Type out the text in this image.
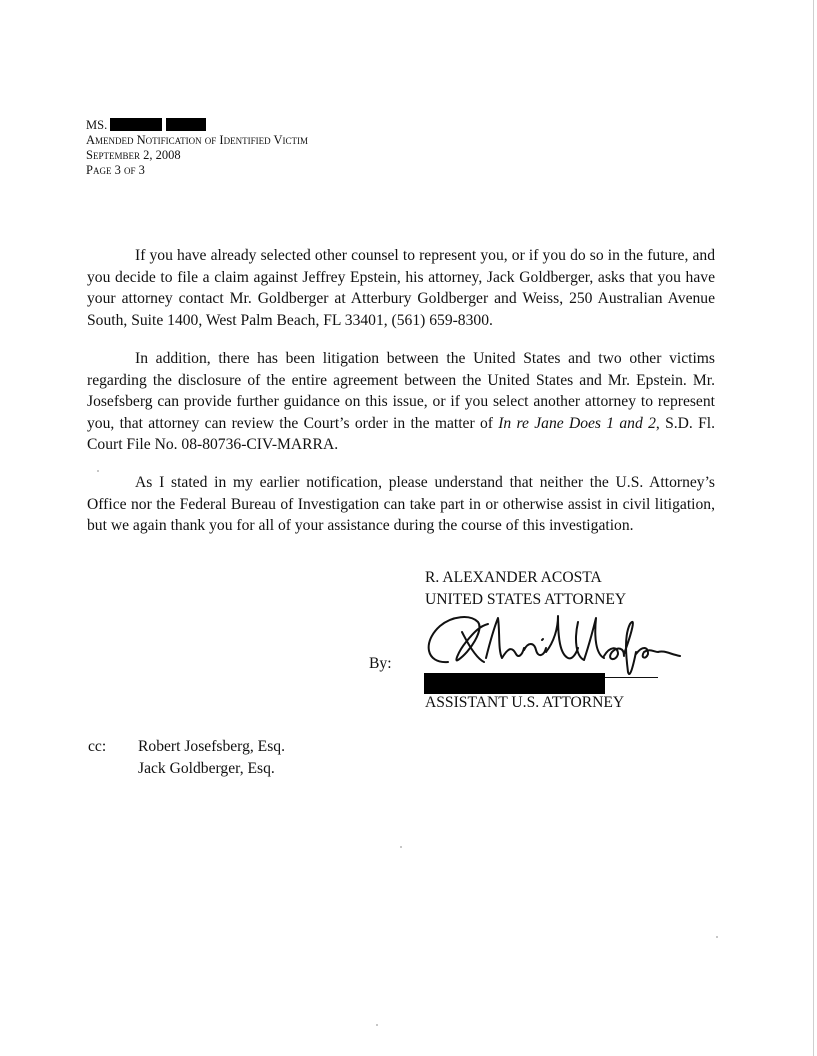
MS.
Amended Notification of Identified Victim
September 2, 2008
Page 3 of 3

If you have already selected other counsel to represent you, or if you do so in the future, and you decide to file a claim against Jeffrey Epstein, his attorney, Jack Goldberger, asks that you have your attorney contact Mr. Goldberger at Atterbury Goldberger and Weiss, 250 Australian Avenue South, Suite 1400, West Palm Beach, FL 33401, (561) 659-8300.

In addition, there has been litigation between the United States and two other victims regarding the disclosure of the entire agreement between the United States and Mr. Epstein. Mr. Josefsberg can provide further guidance on this issue, or if you select another attorney to represent you, that attorney can review the Court’s order in the matter of In re Jane Does 1 and 2, S.D. Fl. Court File No. 08-80736-CIV-MARRA.

As I stated in my earlier notification, please understand that neither the U.S. Attorney’s Office nor the Federal Bureau of Investigation can take part in or otherwise assist in civil litigation, but we again thank you for all of your assistance during the course of this investigation.

R. ALEXANDER ACOSTA
UNITED STATES ATTORNEY
By:
ASSISTANT U.S. ATTORNEY
cc: Robert Josefsberg, Esq.
Jack Goldberger, Esq.
